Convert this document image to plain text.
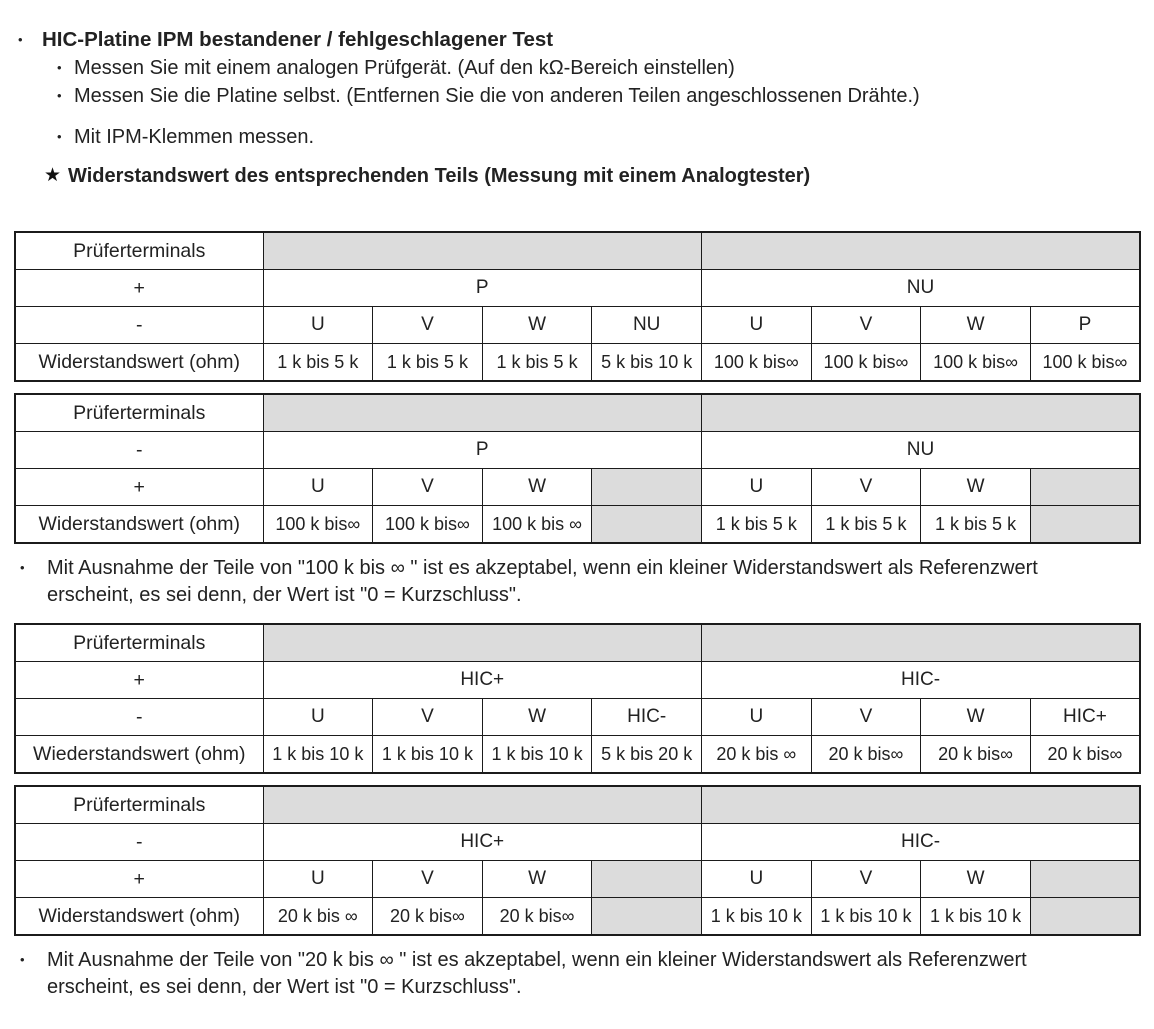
• HIC-Platine IPM bestandener / fehlgeschlagener Test
• Messen Sie mit einem analogen Prüfgerät. (Auf den kΩ-Bereich einstellen)
• Messen Sie die Platine selbst. (Entfernen Sie die von anderen Teilen angeschlossenen Drähte.)
• Mit IPM-Klemmen messen.
★ Widerstandswert des entsprechenden Teils (Messung mit einem Analogtester)
Prüferterminals								
+	P				NU			
-	U	V	W	NU	U	V	W	P
Widerstandswert (ohm)	1 k bis 5 k	1 k bis 5 k	1 k bis 5 k	5 k bis 10 k	100 k bis∞	100 k bis∞	100 k bis∞	100 k bis∞
Prüferterminals								
-	P				NU			
+	U	V	W		U	V	W	
Widerstandswert (ohm)	100 k bis∞	100 k bis∞	100 k bis ∞		1 k bis 5 k	1 k bis 5 k	1 k bis 5 k	
•	Mit Ausnahme der Teile von "100 k bis ∞ " ist es akzeptabel, wenn ein kleiner Widerstandswert als Referenzwert erscheint, es sei denn, der Wert ist "0 = Kurzschluss".
Prüferterminals								
+	HIC+				HIC-			
-	U	V	W	HIC-	U	V	W	HIC+
Wiederstandswert (ohm)	1 k bis 10 k	1 k bis 10 k	1 k bis 10 k	5 k bis 20 k	20 k bis ∞	20 k bis∞	20 k bis∞	20 k bis∞
Prüferterminals								
-	HIC+				HIC-			
+	U	V	W		U	V	W	
Widerstandswert (ohm)	20 k bis ∞	20 k bis∞	20 k bis∞		1 k bis 10 k	1 k bis 10 k	1 k bis 10 k	
•	Mit Ausnahme der Teile von "20 k bis ∞ " ist es akzeptabel, wenn ein kleiner Widerstandswert als Referenzwert erscheint, es sei denn, der Wert ist "0 = Kurzschluss".
